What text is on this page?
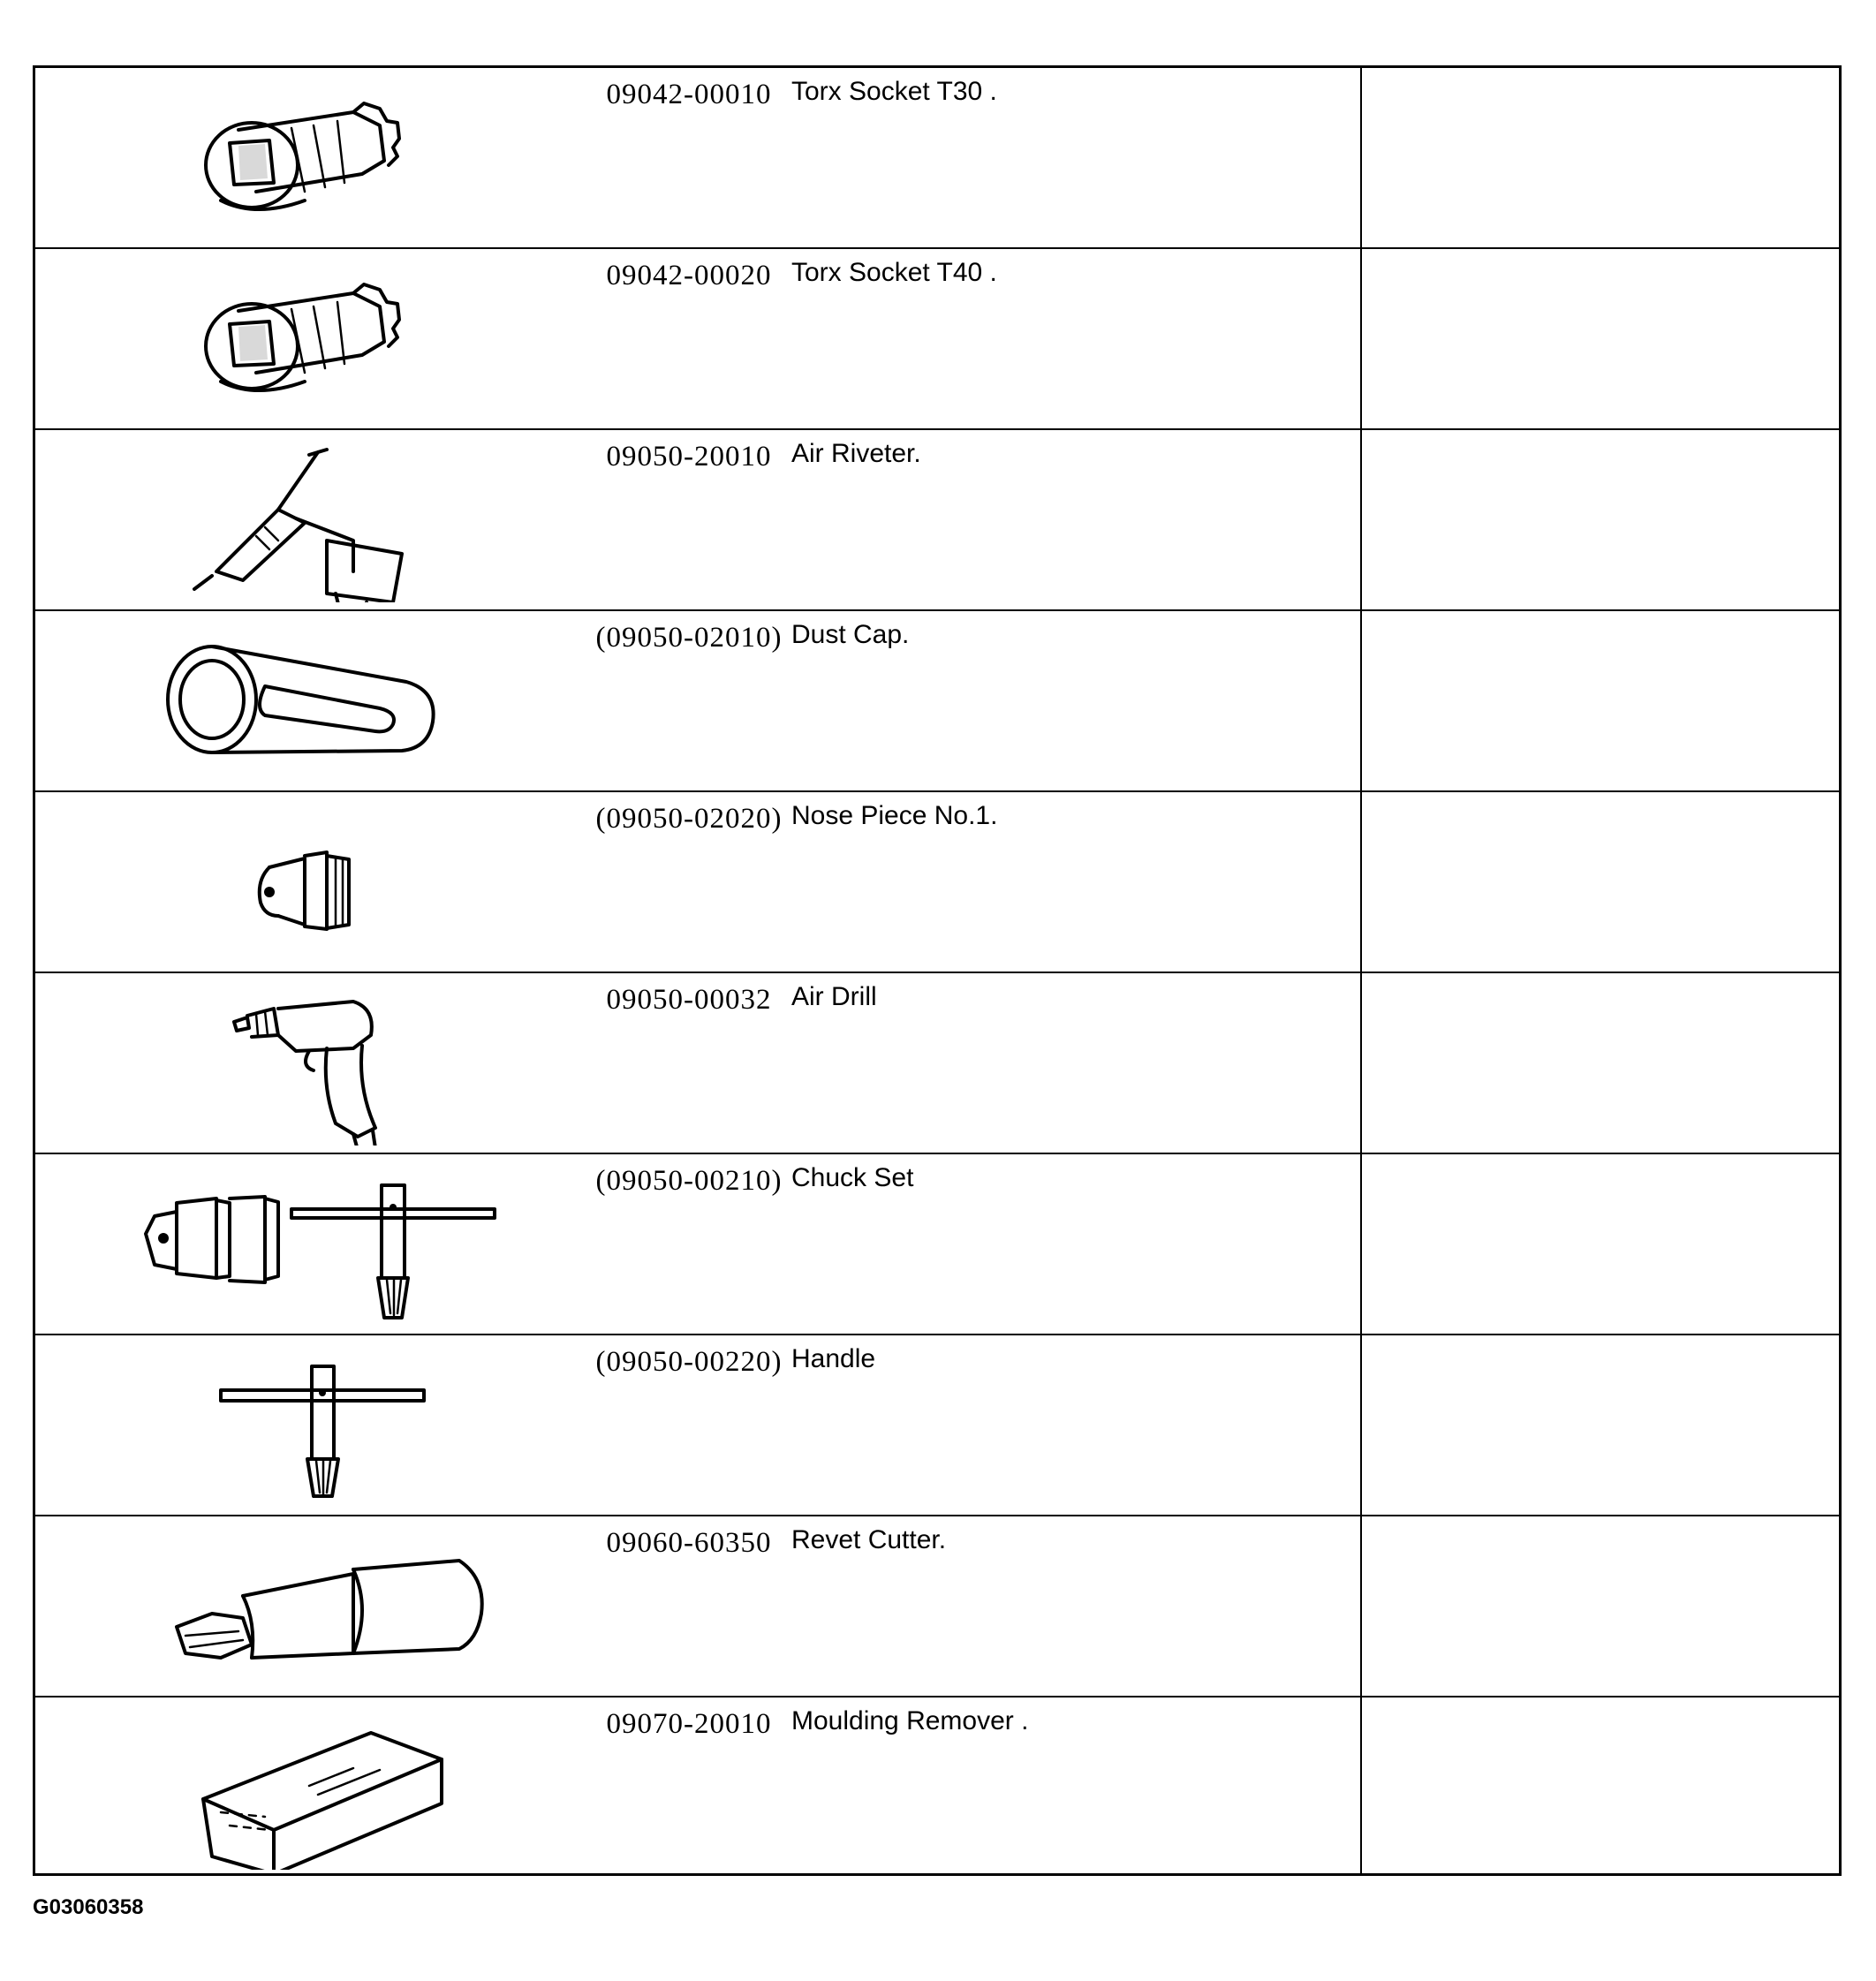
09042-00010 Torx Socket T30 .
09042-00020 Torx Socket T40 .
09050-20010 Air Riveter.
(09050-02010) Dust Cap.
(09050-02020) Nose Piece No.1.
09050-00032 Air Drill
(09050-00210) Chuck Set
(09050-00220) Handle
09060-60350 Revet Cutter.
09070-20010 Moulding Remover .
G03060358
